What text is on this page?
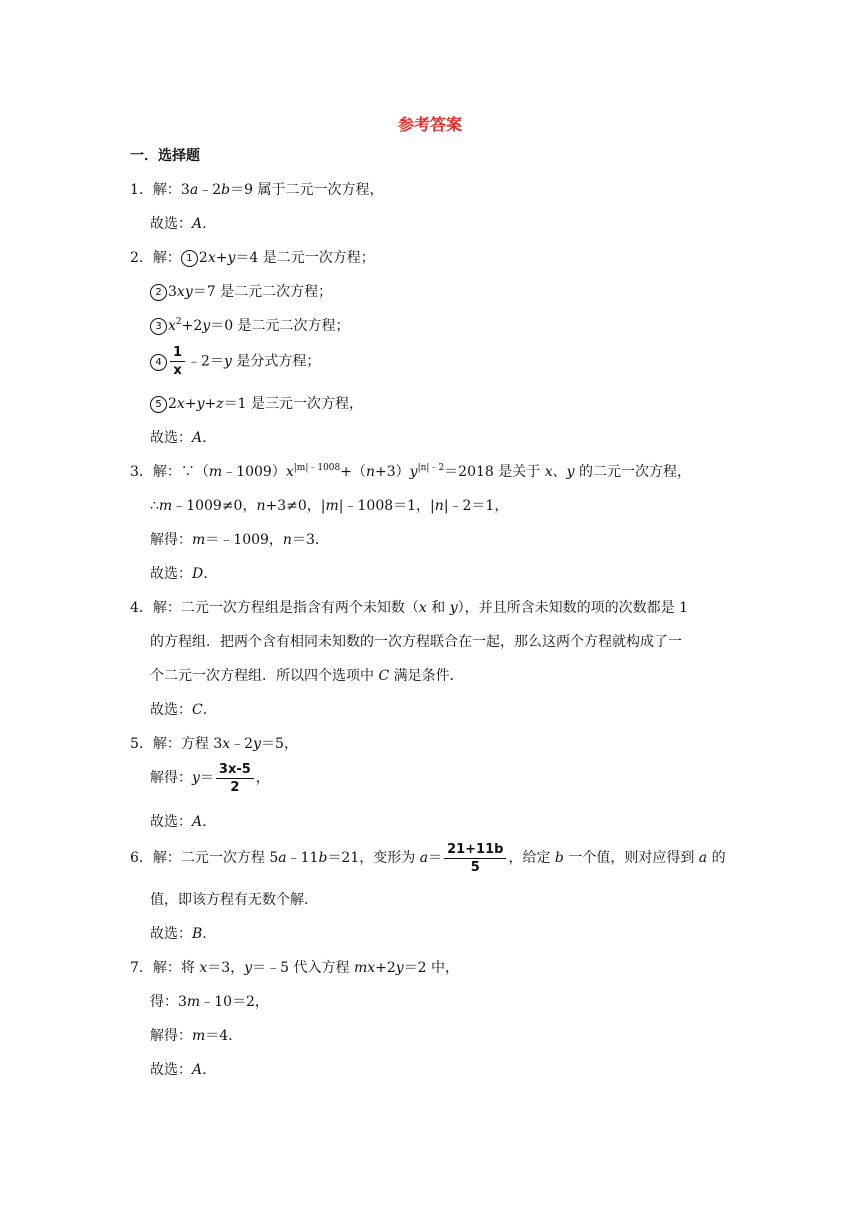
参考答案
一．选择题
1．解：3a﹣2b＝9 属于二元一次方程，
故选：A.
2．解： 1 2x+y＝4 是二元一次方程；
2 3xy＝7 是二元二次方程；
3 $x^2+2y=0$ 是二元二次方程；
$4 \frac{1}{x}$ ﹣2＝y 是分式方程；
5 2x+y+z＝1 是三元一次方程，
故选：A.
3．解：$\because(m﹣1009)x^{|m|﹣1008}+(n+3)y^{|n|﹣2}=2018$ 是关于 x、y 的二元一次方程，
∴m﹣1009≠0，n+3≠0，|m|﹣1008＝1，|n|﹣2＝1，
解得：m＝﹣1009，n＝3．
故选：D.
4．解：二元一次方程组是指含有两个未知数（x 和 y），并且所含未知数的项的次数都是 1
的方程组．把两个含有相同未知数的一次方程联合在一起，那么这两个方程就构成了一
个二元一次方程组．所以四个选项中 C 满足条件．
故选：C.
5．解：方程 3x﹣2y＝5，
解得：$y= \frac{3x-5}{2}$ ，
故选：A.
6．解：二元一次方程 5a﹣11b＝21，变形为 $a= \frac{21+11b}{5}$ ，给定 b 一个值，则对应得到 a 的
值，即该方程有无数个解．
故选：B.
7．解：将 x＝3，y＝﹣5 代入方程 mx+2y＝2 中，
得：3m﹣10＝2，
解得：m＝4．
故选：A.
